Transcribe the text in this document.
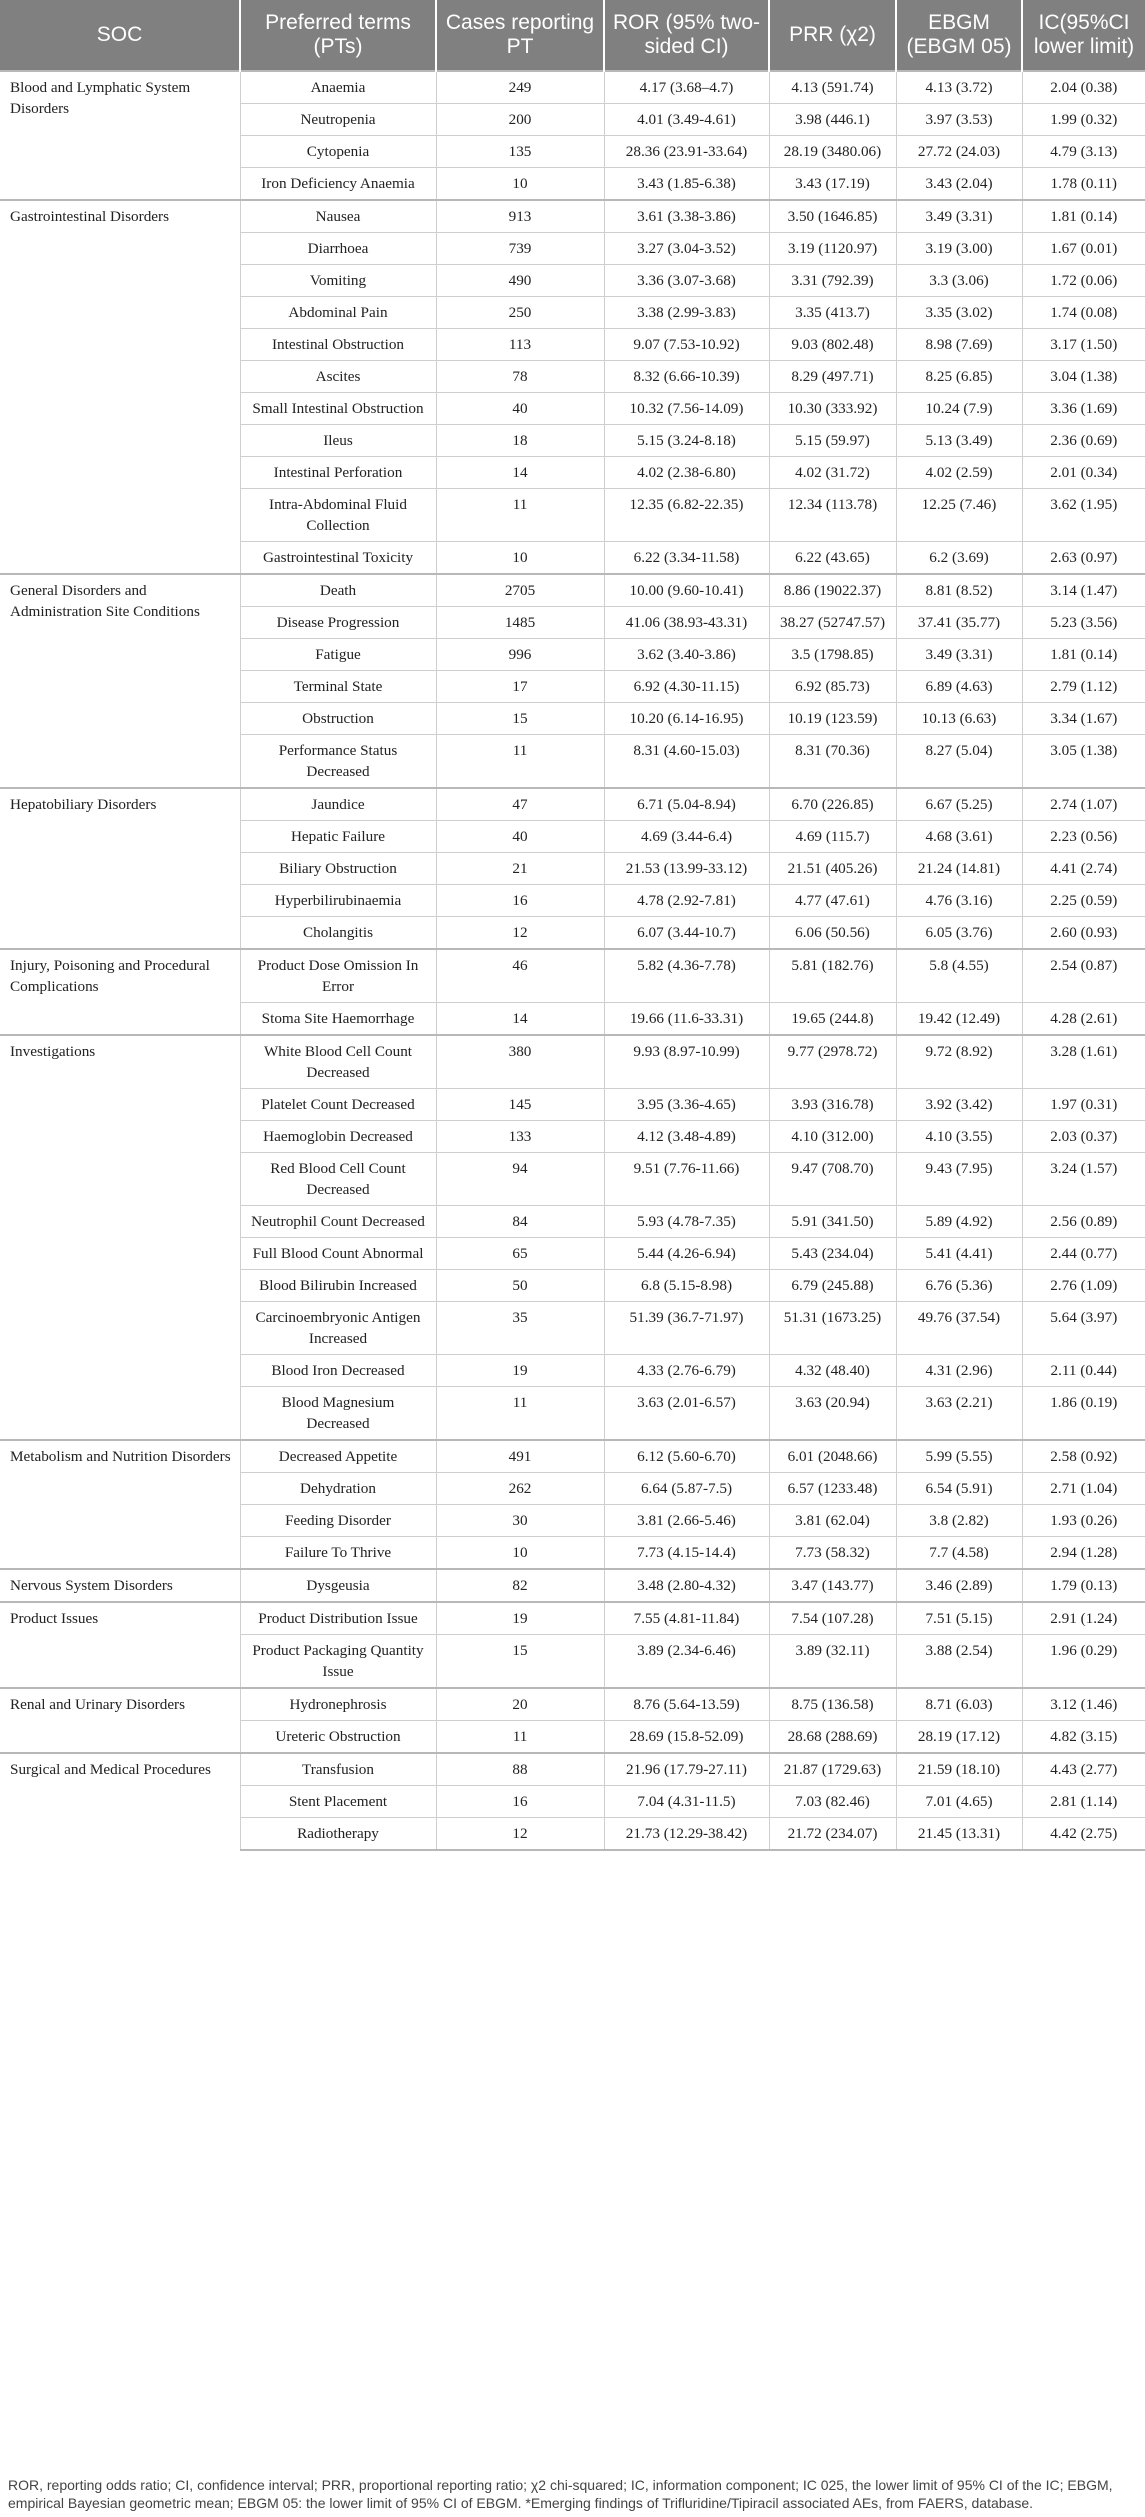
SOC	Preferred terms (PTs)	Cases reporting PT	ROR (95% two-sided CI)	PRR (χ2)	EBGM (EBGM 05)	IC(95%CI lower limit)
Blood and Lymphatic System Disorders	Anaemia	249	4.17 (3.68–4.7)	4.13 (591.74)	4.13 (3.72)	2.04 (0.38)
	Neutropenia	200	4.01 (3.49-4.61)	3.98 (446.1)	3.97 (3.53)	1.99 (0.32)
	Cytopenia	135	28.36 (23.91-33.64)	28.19 (3480.06)	27.72 (24.03)	4.79 (3.13)
	Iron Deficiency Anaemia	10	3.43 (1.85-6.38)	3.43 (17.19)	3.43 (2.04)	1.78 (0.11)
Gastrointestinal Disorders	Nausea	913	3.61 (3.38-3.86)	3.50 (1646.85)	3.49 (3.31)	1.81 (0.14)
	Diarrhoea	739	3.27 (3.04-3.52)	3.19 (1120.97)	3.19 (3.00)	1.67 (0.01)
	Vomiting	490	3.36 (3.07-3.68)	3.31 (792.39)	3.3 (3.06)	1.72 (0.06)
	Abdominal Pain	250	3.38 (2.99-3.83)	3.35 (413.7)	3.35 (3.02)	1.74 (0.08)
	Intestinal Obstruction	113	9.07 (7.53-10.92)	9.03 (802.48)	8.98 (7.69)	3.17 (1.50)
	Ascites	78	8.32 (6.66-10.39)	8.29 (497.71)	8.25 (6.85)	3.04 (1.38)
	Small Intestinal Obstruction	40	10.32 (7.56-14.09)	10.30 (333.92)	10.24 (7.9)	3.36 (1.69)
	Ileus	18	5.15 (3.24-8.18)	5.15 (59.97)	5.13 (3.49)	2.36 (0.69)
	Intestinal Perforation	14	4.02 (2.38-6.80)	4.02 (31.72)	4.02 (2.59)	2.01 (0.34)
	Intra-Abdominal Fluid Collection	11	12.35 (6.82-22.35)	12.34 (113.78)	12.25 (7.46)	3.62 (1.95)
	Gastrointestinal Toxicity	10	6.22 (3.34-11.58)	6.22 (43.65)	6.2 (3.69)	2.63 (0.97)
General Disorders and Administration Site Conditions	Death	2705	10.00 (9.60-10.41)	8.86 (19022.37)	8.81 (8.52)	3.14 (1.47)
	Disease Progression	1485	41.06 (38.93-43.31)	38.27 (52747.57)	37.41 (35.77)	5.23 (3.56)
	Fatigue	996	3.62 (3.40-3.86)	3.5 (1798.85)	3.49 (3.31)	1.81 (0.14)
	Terminal State	17	6.92 (4.30-11.15)	6.92 (85.73)	6.89 (4.63)	2.79 (1.12)
	Obstruction	15	10.20 (6.14-16.95)	10.19 (123.59)	10.13 (6.63)	3.34 (1.67)
	Performance Status Decreased	11	8.31 (4.60-15.03)	8.31 (70.36)	8.27 (5.04)	3.05 (1.38)
Hepatobiliary Disorders	Jaundice	47	6.71 (5.04-8.94)	6.70 (226.85)	6.67 (5.25)	2.74 (1.07)
	Hepatic Failure	40	4.69 (3.44-6.4)	4.69 (115.7)	4.68 (3.61)	2.23 (0.56)
	Biliary Obstruction	21	21.53 (13.99-33.12)	21.51 (405.26)	21.24 (14.81)	4.41 (2.74)
	Hyperbilirubinaemia	16	4.78 (2.92-7.81)	4.77 (47.61)	4.76 (3.16)	2.25 (0.59)
	Cholangitis	12	6.07 (3.44-10.7)	6.06 (50.56)	6.05 (3.76)	2.60 (0.93)
Injury, Poisoning and Procedural Complications	Product Dose Omission In Error	46	5.82 (4.36-7.78)	5.81 (182.76)	5.8 (4.55)	2.54 (0.87)
	Stoma Site Haemorrhage	14	19.66 (11.6-33.31)	19.65 (244.8)	19.42 (12.49)	4.28 (2.61)
Investigations	White Blood Cell Count Decreased	380	9.93 (8.97-10.99)	9.77 (2978.72)	9.72 (8.92)	3.28 (1.61)
	Platelet Count Decreased	145	3.95 (3.36-4.65)	3.93 (316.78)	3.92 (3.42)	1.97 (0.31)
	Haemoglobin Decreased	133	4.12 (3.48-4.89)	4.10 (312.00)	4.10 (3.55)	2.03 (0.37)
	Red Blood Cell Count Decreased	94	9.51 (7.76-11.66)	9.47 (708.70)	9.43 (7.95)	3.24 (1.57)
	Neutrophil Count Decreased	84	5.93 (4.78-7.35)	5.91 (341.50)	5.89 (4.92)	2.56 (0.89)
	Full Blood Count Abnormal	65	5.44 (4.26-6.94)	5.43 (234.04)	5.41 (4.41)	2.44 (0.77)
	Blood Bilirubin Increased	50	6.8 (5.15-8.98)	6.79 (245.88)	6.76 (5.36)	2.76 (1.09)
	Carcinoembryonic Antigen Increased	35	51.39 (36.7-71.97)	51.31 (1673.25)	49.76 (37.54)	5.64 (3.97)
	Blood Iron Decreased	19	4.33 (2.76-6.79)	4.32 (48.40)	4.31 (2.96)	2.11 (0.44)
	Blood Magnesium Decreased	11	3.63 (2.01-6.57)	3.63 (20.94)	3.63 (2.21)	1.86 (0.19)
Metabolism and Nutrition Disorders	Decreased Appetite	491	6.12 (5.60-6.70)	6.01 (2048.66)	5.99 (5.55)	2.58 (0.92)
	Dehydration	262	6.64 (5.87-7.5)	6.57 (1233.48)	6.54 (5.91)	2.71 (1.04)
	Feeding Disorder	30	3.81 (2.66-5.46)	3.81 (62.04)	3.8 (2.82)	1.93 (0.26)
	Failure To Thrive	10	7.73 (4.15-14.4)	7.73 (58.32)	7.7 (4.58)	2.94 (1.28)
Nervous System Disorders	Dysgeusia	82	3.48 (2.80-4.32)	3.47 (143.77)	3.46 (2.89)	1.79 (0.13)
Product Issues	Product Distribution Issue	19	7.55 (4.81-11.84)	7.54 (107.28)	7.51 (5.15)	2.91 (1.24)
	Product Packaging Quantity Issue	15	3.89 (2.34-6.46)	3.89 (32.11)	3.88 (2.54)	1.96 (0.29)
Renal and Urinary Disorders	Hydronephrosis	20	8.76 (5.64-13.59)	8.75 (136.58)	8.71 (6.03)	3.12 (1.46)
	Ureteric Obstruction	11	28.69 (15.8-52.09)	28.68 (288.69)	28.19 (17.12)	4.82 (3.15)
Surgical and Medical Procedures	Transfusion	88	21.96 (17.79-27.11)	21.87 (1729.63)	21.59 (18.10)	4.43 (2.77)
	Stent Placement	16	7.04 (4.31-11.5)	7.03 (82.46)	7.01 (4.65)	2.81 (1.14)
	Radiotherapy	12	21.73 (12.29-38.42)	21.72 (234.07)	21.45 (13.31)	4.42 (2.75)
ROR, reporting odds ratio; CI, confidence interval; PRR, proportional reporting ratio; χ2 chi-squared; IC, information component; IC 025, the lower limit of 95% CI of the IC; EBGM, empirical Bayesian geometric mean; EBGM 05: the lower limit of 95% CI of EBGM. *Emerging findings of Trifluridine/Tipiracil associated AEs, from FAERS, database.
